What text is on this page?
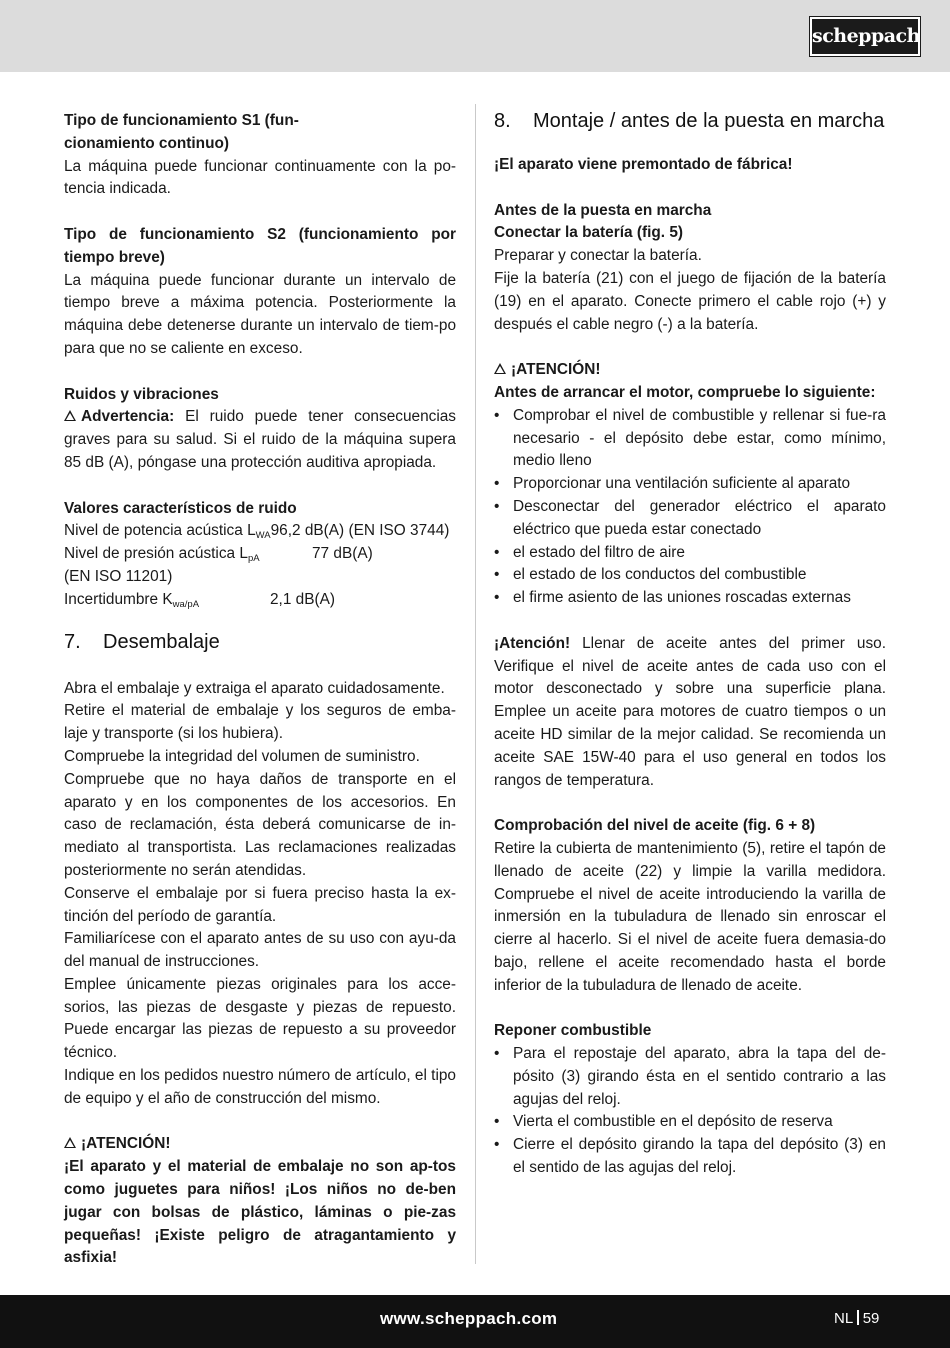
scheppach

Tipo de funcionamiento S1 (fun-

cionamiento continuo)

La máquina puede funcionar continuamente con la po-tencia indicada.

Tipo de funcionamiento S2 (funcionamiento por tiempo breve)

La máquina puede funcionar durante un intervalo de tiempo breve a máxima potencia. Posteriormente la máquina debe detenerse durante un intervalo de tiem-po para que no se caliente en exceso.

Ruidos y vibraciones

Advertencia: El ruido puede tener consecuencias graves para su salud. Si el ruido de la máquina supera 85 dB (A), póngase una protección auditiva apropiada.

Valores característicos de ruido

Nivel de potencia acústica $L_{WA}$ 96,2 dB(A) (EN ISO 3744)
Nivel de presión acústica $L_{pA}$	77 dB(A)

(EN ISO 11201)

Incertidumbre $K_{wa/pA}$	2,1 dB(A)
7.	Desembalaje

Abra el embalaje y extraiga el aparato cuidadosamente.

Retire el material de embalaje y los seguros de emba-laje y transporte (si los hubiera).

Compruebe la integridad del volumen de suministro.

Compruebe que no haya daños de transporte en el aparato y en los componentes de los accesorios. En caso de reclamación, ésta deberá comunicarse de in-mediato al transportista. Las reclamaciones realizadas posteriormente no serán atendidas.

Conserve el embalaje por si fuera preciso hasta la ex-tinción del período de garantía.

Familiarícese con el aparato antes de su uso con ayu-da del manual de instrucciones.

Emplee únicamente piezas originales para los acce-sorios, las piezas de desgaste y piezas de repuesto. Puede encargar las piezas de repuesto a su proveedor técnico.

Indique en los pedidos nuestro número de artículo, el tipo de equipo y el año de construcción del mismo.

¡ATENCIÓN!

¡El aparato y el material de embalaje no son ap-tos como juguetes para niños! ¡Los niños no de-ben jugar con bolsas de plástico, láminas o pie-zas pequeñas! ¡Existe peligro de atragantamiento y asfixia!

8.	Montaje / antes de la puesta en marcha

¡El aparato viene premontado de fábrica!

Antes de la puesta en marcha

Conectar la batería (fig. 5)

Preparar y conectar la batería.

Fije la batería (21) con el juego de fijación de la batería (19) en el aparato. Conecte primero el cable rojo (+) y después el cable negro (-) a la batería.

¡ATENCIÓN!

Antes de arrancar el motor, compruebe lo siguiente:

• Comprobar el nivel de combustible y rellenar si fue-ra necesario - el depósito debe estar, como mínimo, medio lleno
• Proporcionar una ventilación suficiente al aparato
• Desconectar del generador eléctrico el aparato eléctrico que pueda estar conectado
• el estado del filtro de aire
• el estado de los conductos del combustible
• el firme asiento de las uniones roscadas externas

¡Atención! Llenar de aceite antes del primer uso. Verifique el nivel de aceite antes de cada uso con el motor desconectado y sobre una superficie plana. Emplee un aceite para motores de cuatro tiempos o un aceite HD similar de la mejor calidad. Se recomienda un aceite SAE 15W-40 para el uso general en todos los rangos de temperatura.

Comprobación del nivel de aceite (fig. 6 + 8)

Retire la cubierta de mantenimiento (5), retire el tapón de llenado de aceite (22) y limpie la varilla medidora. Compruebe el nivel de aceite introduciendo la varilla de inmersión en la tubuladura de llenado sin enroscar el cierre al hacerlo. Si el nivel de aceite fuera demasia-do bajo, rellene el aceite recomendado hasta el borde inferior de la tubuladura de llenado de aceite.

Reponer combustible

• Para el repostaje del aparato, abra la tapa del de-pósito (3) girando ésta en el sentido contrario a las agujas del reloj.
• Vierta el combustible en el depósito de reserva
• Cierre el depósito girando la tapa del depósito (3) en el sentido de las agujas del reloj.
www.scheppach.com	NL 59
